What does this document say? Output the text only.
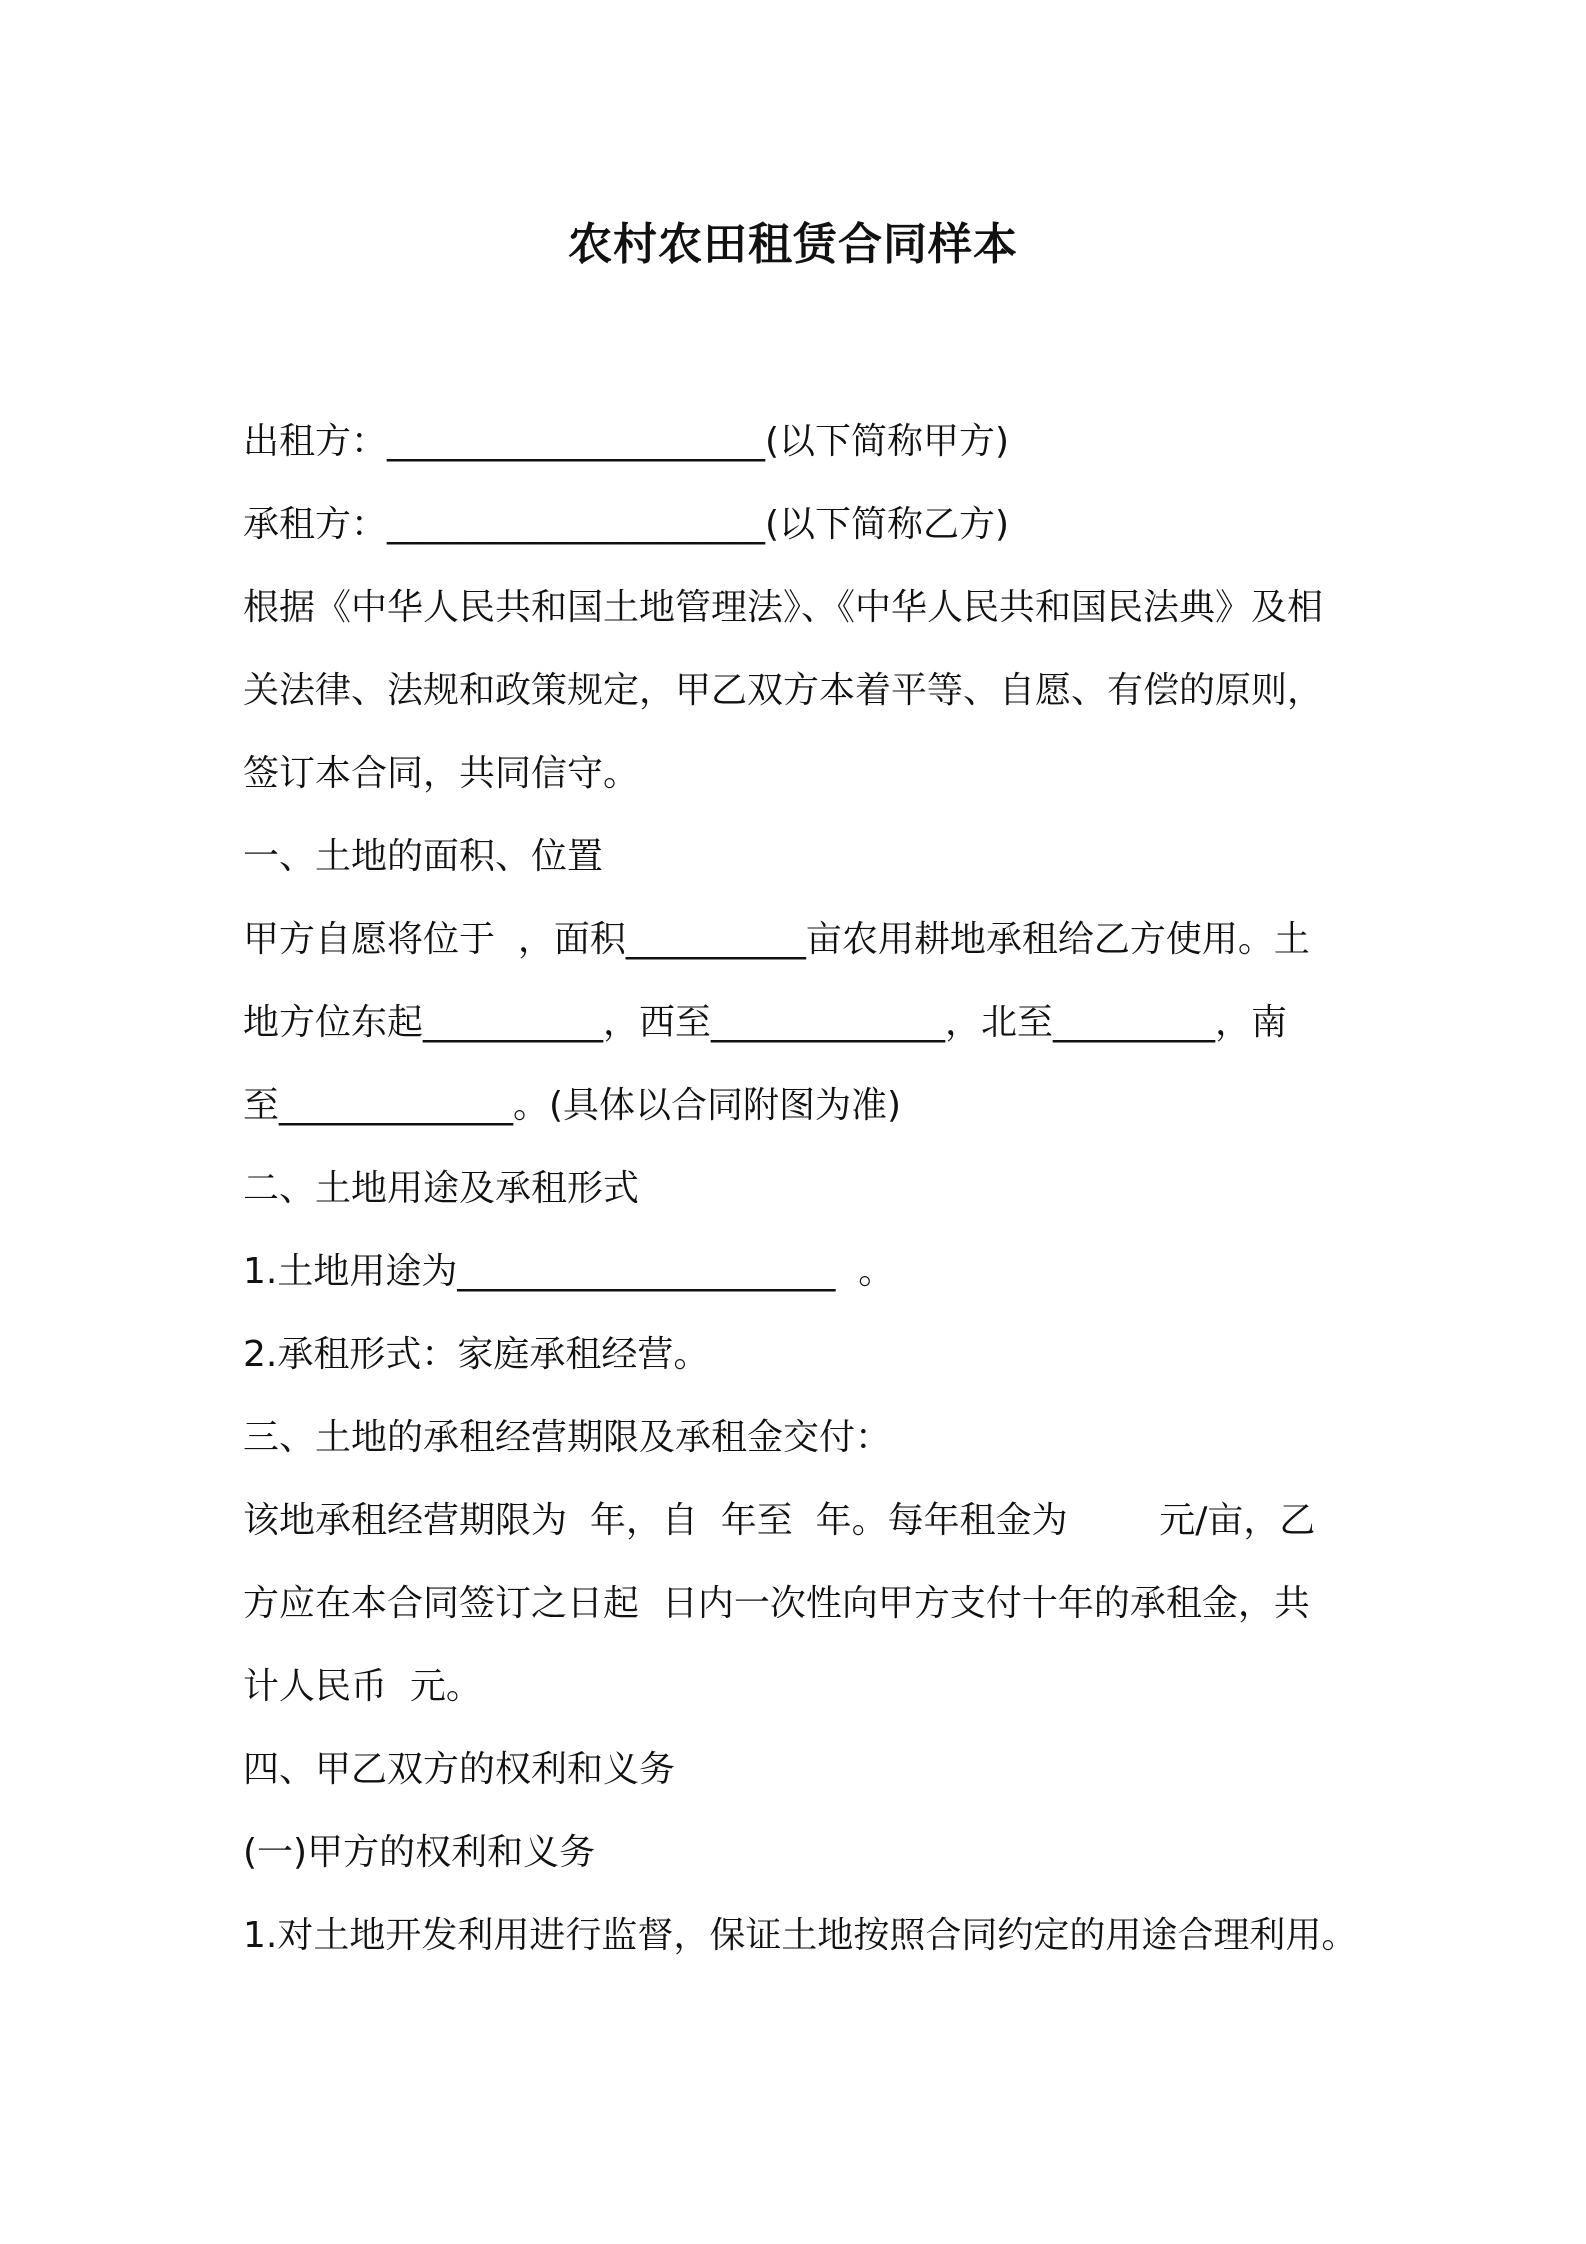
农村农田租赁合同样本
出租方：_____________________(以下简称甲方)
承租方：_____________________(以下简称乙方)
根据《中华人民共和国土地管理法》、《中华人民共和国民法典》及相
关法律、法规和政策规定，甲乙双方本着平等、自愿、有偿的原则，
签订本合同，共同信守。
一、土地的面积、位置
甲方自愿将位于  ，面积__________亩农用耕地承租给乙方使用。土
地方位东起__________，西至_____________，北至_________，南
至_____________。(具体以合同附图为准)
二、土地用途及承租形式
1.土地用途为_____________________  。
2.承租形式：家庭承租经营。
三、土地的承租经营期限及承租金交付：
该地承租经营期限为  年，自  年至  年。每年租金为        元/亩，乙
方应在本合同签订之日起  日内一次性向甲方支付十年的承租金，共
计人民币  元。
四、甲乙双方的权利和义务
(一)甲方的权利和义务
1.对土地开发利用进行监督，保证土地按照合同约定的用途合理利用。
